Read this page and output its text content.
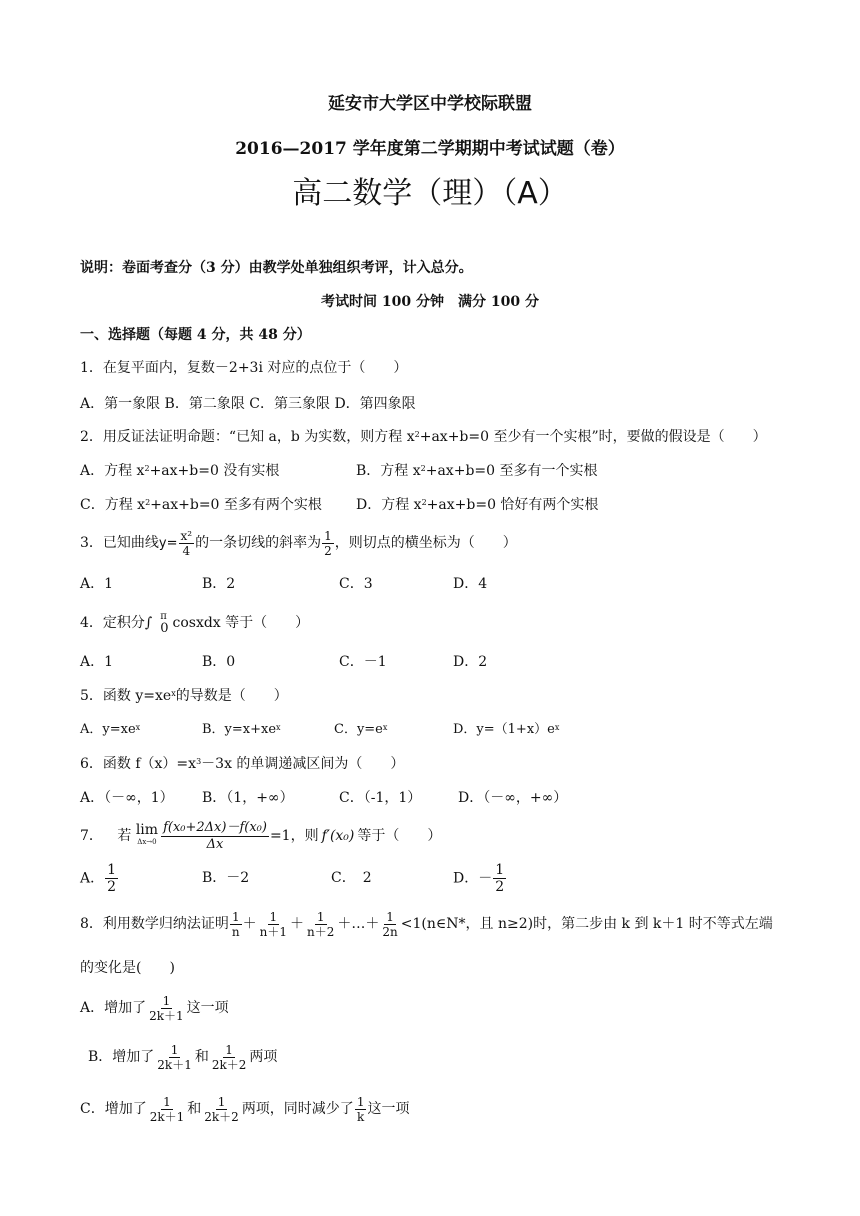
延安市大学区中学校际联盟
2016—2017 学年度第二学期期中考试试题（卷）
高二数学（理）（A）
说明：卷面考查分（3 分）由教学处单独组织考评，计入总分。
考试时间 100 分钟　满分 100 分
一、选择题（每题 4 分，共 48 分）
1．在复平面内，复数－2+3i 对应的点位于（　　）
A．第一象限 B．第二象限 C．第三象限 D．第四象限
2．用反证法证明命题：“已知 a，b 为实数，则方程 $x^2+ax+b=0$ 至少有一个实根”时，要做的假设是（　　）
A．方程 $x^2+ax+b=0$ 没有实根	B．方程 $x^2+ax+b=0$ 至多有一个实根
C．方程 $x^2+ax+b=0$ 至多有两个实根 D．方程 $x^2+ax+b=0$ 恰好有两个实根
3．已知曲线$y= \frac{\text{x²}}{4}$ 的一条切线的斜率为 $\frac{1}{2}$ ，则切点的横坐标为（　　）
A．1	B．2	C．3	D．4
4．定积分∫ π
0 cosxdx 等于（　　）
A．1	B．0	C．－1	D．2
5．函数 $y=xe^x$的导数是（　　）
A．$y=xe^x$	B．$y=x+xe^x$	C．$y=e^x$	D．$y=(1+x)e^x$
6．函数 $f(x)=x^3-3x$ 的单调递减区间为（　　）
A．（－∞，1） B．（1，+∞）	C．（-1，1）	D．（－∞，+∞）
7． 若 lim
$\Delta x\to 0 \frac{\text{f(x₀+2Δx)－f(x₀)}}{\Delta x} =1$，则 f′(x₀) 等于（　　）
A． $\frac{1}{2}$	B．－2	C．　2	D．－ $\frac{1}{2}$
8．利用数学归纳法证明 $\frac{1}{n} + \frac{1}{n+1} + \frac{1}{n+2}$ ＋…＋ $\frac{1}{2n}$ <1(n∈N*，且 n≥2)时，第二步由 k 到 k＋1 时不等式左端
的变化是(　　)
A．增加了 $\frac{1}{2k+1}$ 这一项
B．增加了 $\frac{1}{2k+1}$ 和 $\frac{1}{2k+2}$ 两项
C．增加了 $\frac{1}{2k+1}$ 和 $\frac{1}{2k+2}$ 两项，同时减少了 $\frac{1}{k}$ 这一项
